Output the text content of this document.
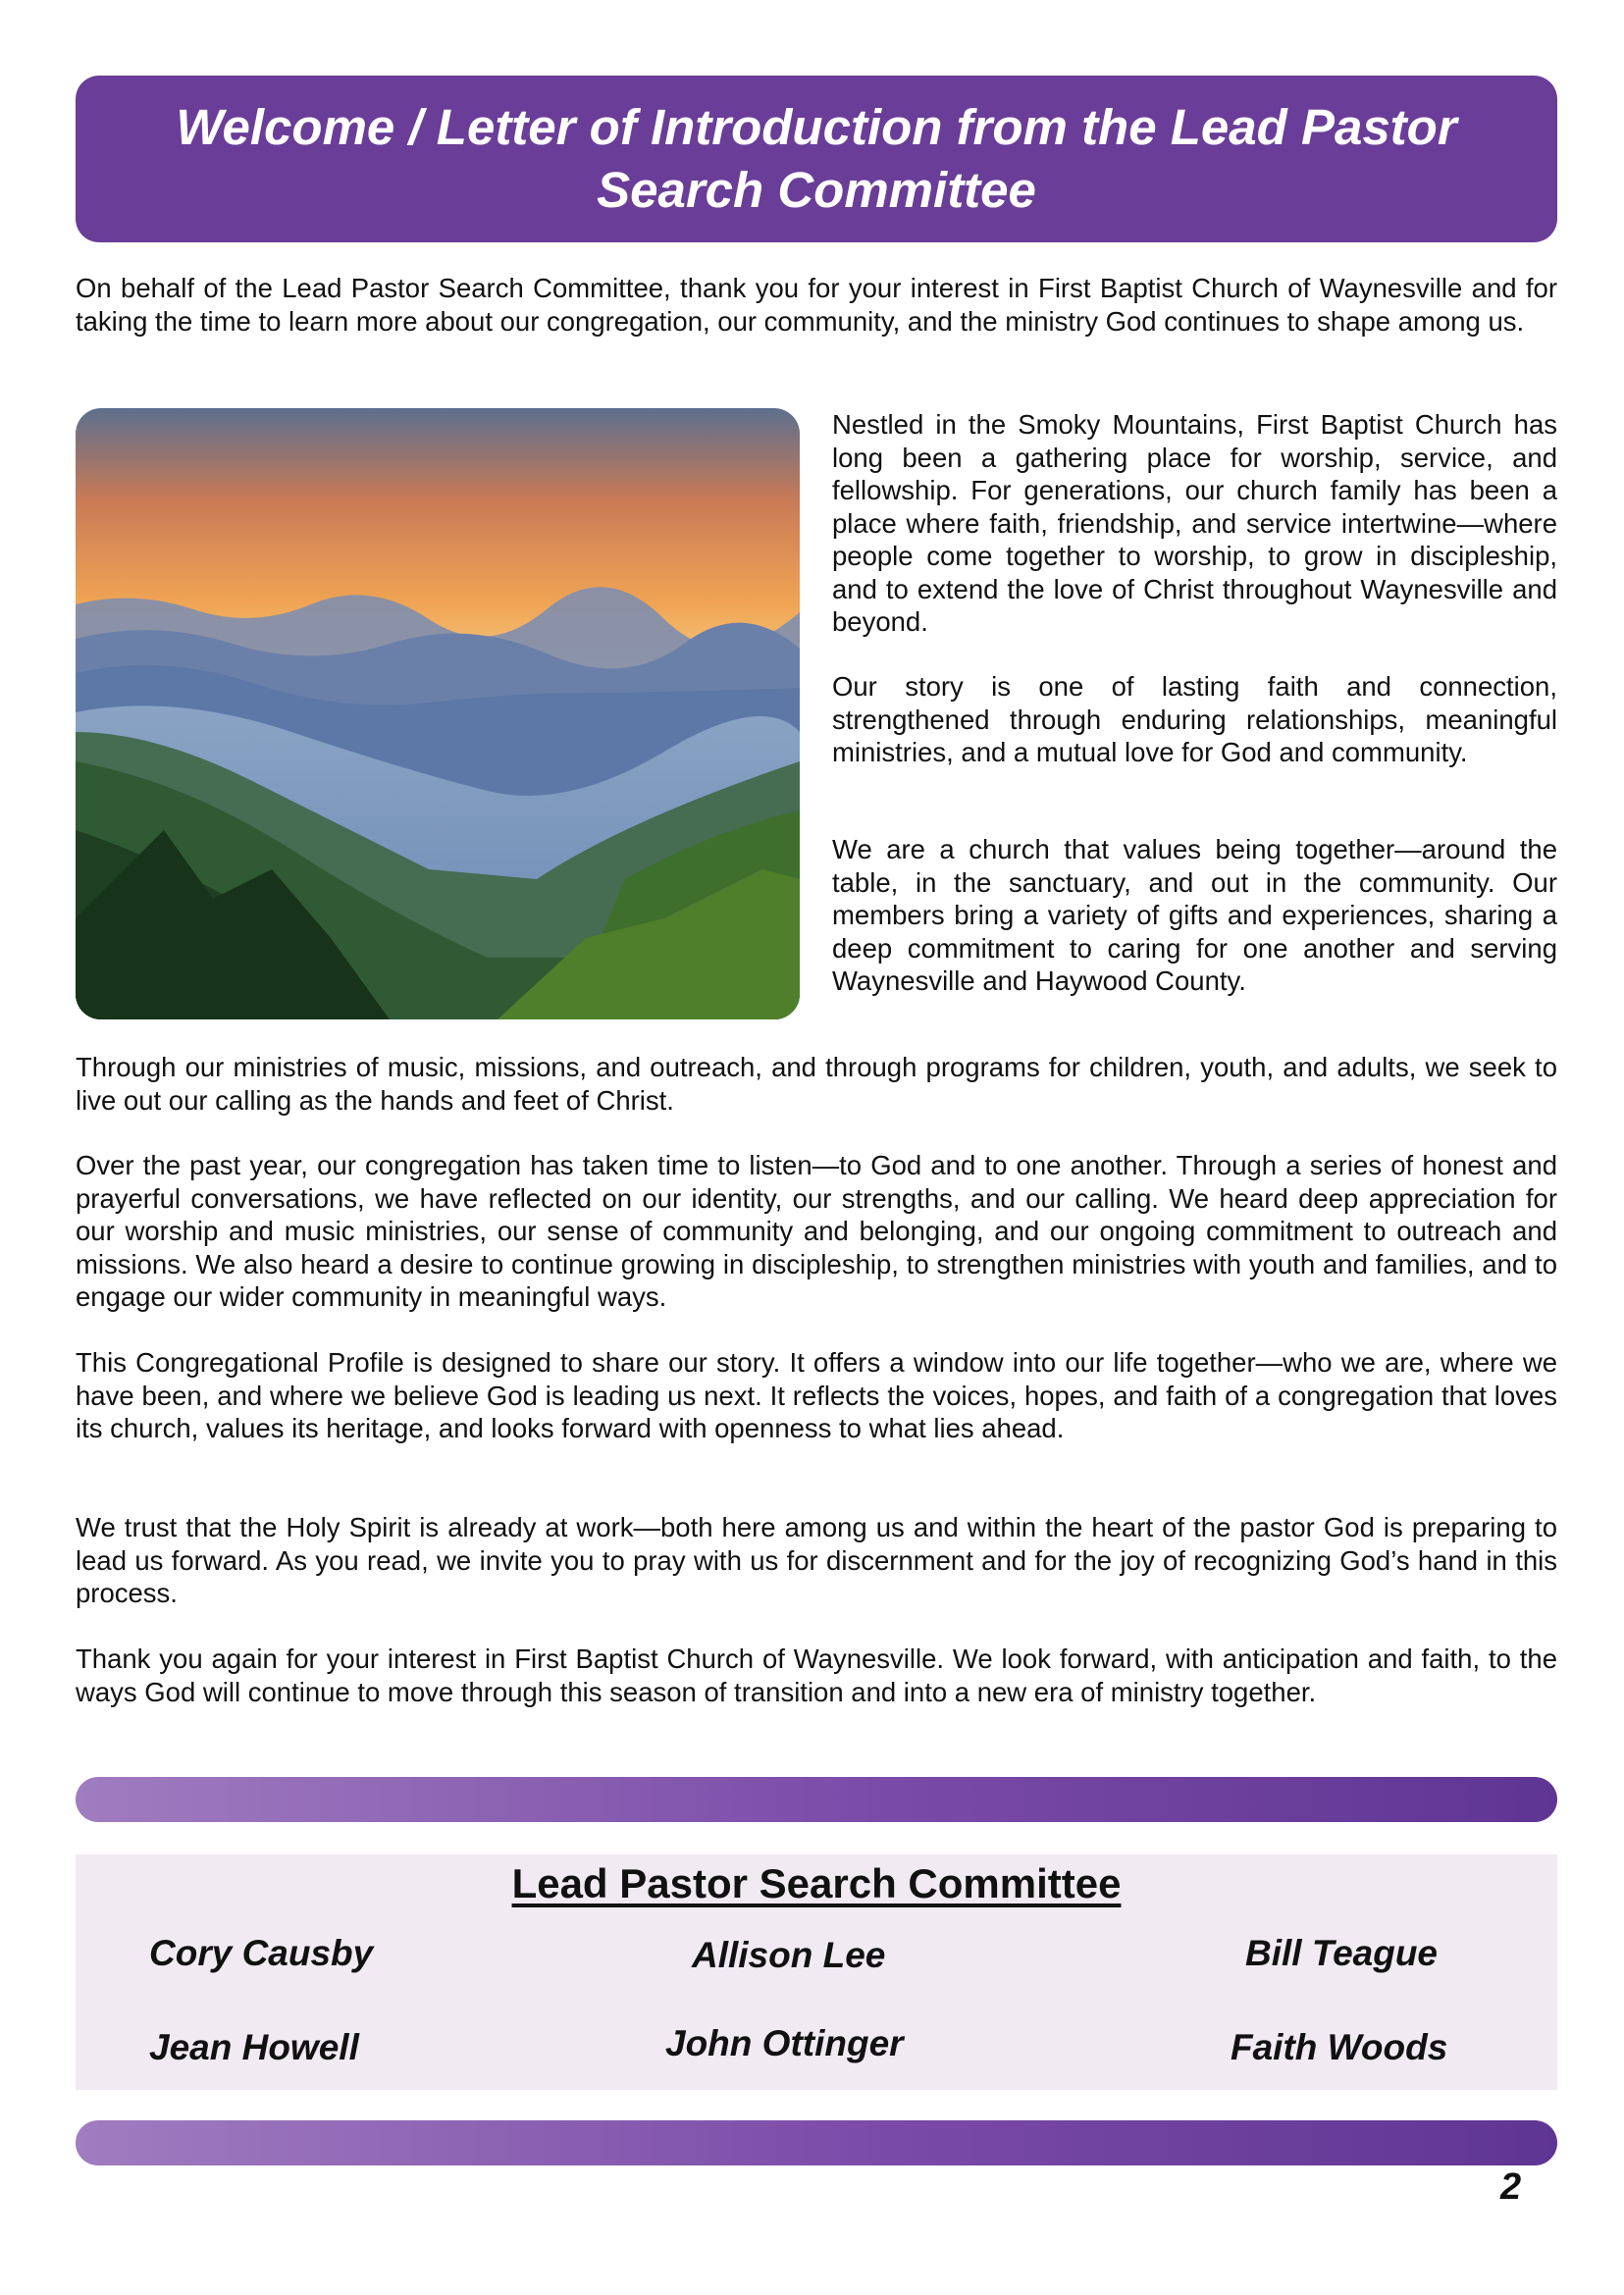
Welcome / Letter of Introduction from the Lead Pastor Search Committee

On behalf of the Lead Pastor Search Committee, thank you for your interest in First Baptist Church of Waynesville and for taking the time to learn more about our congregation, our community, and the ministry God continues to shape among us.

Nestled in the Smoky Mountains, First Baptist Church has long been a gathering place for worship, service, and fellowship. For generations, our church family has been a place where faith, friendship, and service intertwine—where people come together to worship, to grow in discipleship, and to extend the love of Christ throughout Waynesville and beyond.

Our story is one of lasting faith and connection, strengthened through enduring relationships, meaningful ministries, and a mutual love for God and community.

We are a church that values being together—around the table, in the sanctuary, and out in the community. Our members bring a variety of gifts and experiences, sharing a deep commitment to caring for one another and serving Waynesville and Haywood County.

Through our ministries of music, missions, and outreach, and through programs for children, youth, and adults, we seek to live out our calling as the hands and feet of Christ.

Over the past year, our congregation has taken time to listen—to God and to one another. Through a series of honest and prayerful conversations, we have reflected on our identity, our strengths, and our calling. We heard deep appreciation for our worship and music ministries, our sense of community and belonging, and our ongoing commitment to outreach and missions. We also heard a desire to continue growing in discipleship, to strengthen ministries with youth and families, and to engage our wider community in meaningful ways.

This Congregational Profile is designed to share our story. It offers a window into our life together—who we are, where we have been, and where we believe God is leading us next. It reflects the voices, hopes, and faith of a congregation that loves its church, values its heritage, and looks forward with openness to what lies ahead.

We trust that the Holy Spirit is already at work—both here among us and within the heart of the pastor God is preparing to lead us forward. As you read, we invite you to pray with us for discernment and for the joy of recognizing God’s hand in this process.

Thank you again for your interest in First Baptist Church of Waynesville. We look forward, with anticipation and faith, to the ways God will continue to move through this season of transition and into a new era of ministry together.

Lead Pastor Search Committee
Cory Causby	Allison Lee	Bill Teague
Jean Howell	John Ottinger	Faith Woods
2
